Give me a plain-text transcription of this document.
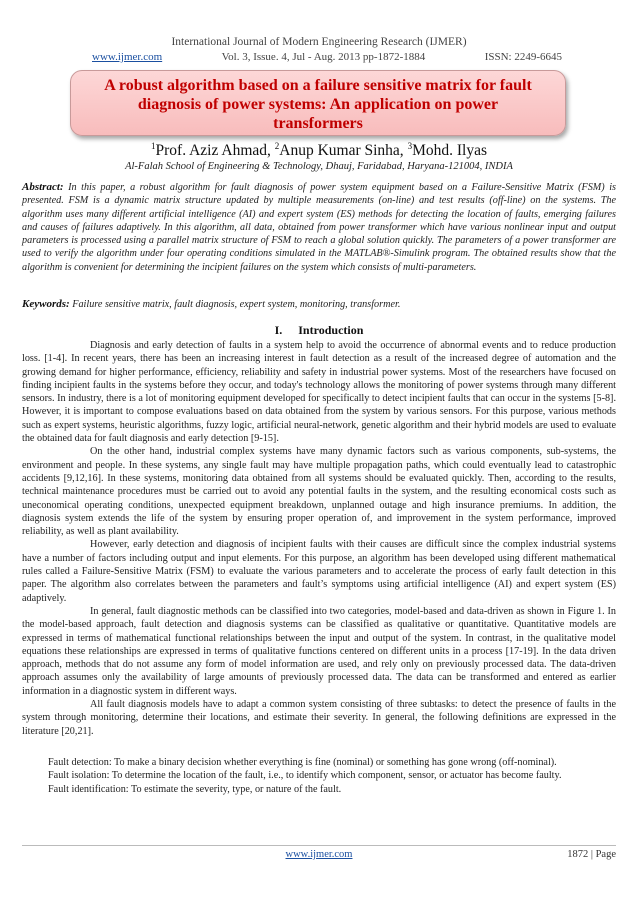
International Journal of Modern Engineering Research (IJMER)
www.ijmer.com	Vol. 3, Issue. 4, Jul - Aug. 2013 pp-1872-1884	ISSN: 2249-6645
A robust algorithm based on a failure sensitive matrix for fault
diagnosis of power systems: An application on power
transformers
$^1$Prof. Aziz Ahmad, $^2$Anup Kumar Sinha, $^3$Mohd. Ilyas
Al-Falah School of Engineering & Technology, Dhauj, Faridabad, Haryana-121004, INDIA
Abstract: In this paper, a robust algorithm for fault diagnosis of power system equipment based on a Failure-Sensitive Matrix (FSM) is presented. FSM is a dynamic matrix structure updated by multiple measurements (on-line) and test results (off-line) on the systems. The algorithm uses many different artificial intelligence (AI) and expert system (ES) methods for detecting the location of faults, emerging failures and causes of failures adaptively. In this algorithm, all data, obtained from power transformer which have various nonlinear input and output parameters is processed using a parallel matrix structure of FSM to reach a global solution quickly. The parameters of a power transformer are used to verify the algorithm under four operating conditions simulated in the MATLAB®-Simulink program. The obtained results show that the algorithm is convenient for determining the incipient failures on the system which consists of multi-parameters.
Keywords: Failure sensitive matrix, fault diagnosis, expert system, monitoring, transformer.
I. Introduction

Diagnosis and early detection of faults in a system help to avoid the occurrence of abnormal events and to reduce production loss. [1-4]. In recent years, there has been an increasing interest in fault detection as a result of the increased degree of automation and the growing demand for higher performance, efficiency, reliability and safety in industrial power systems. Most of the researchers have focused on finding incipient faults in the systems before they occur, and today's technology allows the monitoring of power systems through many different sensors. In industry, there is a lot of monitoring equipment developed for specifically to detect incipient faults that can occur in the systems [5-8]. However, it is important to compose evaluations based on data obtained from the system by various sensors. For this purpose, various methods such as expert systems, heuristic algorithms, fuzzy logic, artificial neural-network, genetic algorithm and their hybrid models are used to evaluate the obtained data for fault diagnosis and early detection [9-15].

On the other hand, industrial complex systems have many dynamic factors such as various components, sub-systems, the environment and people. In these systems, any single fault may have multiple propagation paths, which could eventually lead to catastrophic accidents [9,12,16]. In these systems, monitoring data obtained from all systems should be evaluated quickly. Then, according to the results, technical maintenance procedures must be carried out to avoid any potential faults in the system, and the resulting economical costs such as uneconomical operating conditions, unexpected equipment breakdown, unplanned outage and high insurance premiums. In addition, the diagnosis system extends the life of the system by ensuring proper operation of, and improvement in the system performance, improved reliability, as well as plant availability.

However, early detection and diagnosis of incipient faults with their causes are difficult since the complex industrial systems have a number of factors including output and input elements. For this purpose, an algorithm has been developed using different mathematical rules called a Failure-Sensitive Matrix (FSM) to evaluate the various parameters and to accelerate the process of early fault detection in this paper. The algorithm also correlates between the parameters and fault’s symptoms using artificial intelligence (AI) and expert system (ES) adaptively.

In general, fault diagnostic methods can be classified into two categories, model-based and data-driven as shown in Figure 1. In the model-based approach, fault detection and diagnosis systems can be classified as qualitative or quantitative. Quantitative models are expressed in terms of mathematical functional relationships between the input and output of the system. In contrast, in the qualitative model equations these relationships are expressed in terms of qualitative functions centered on different units in a process [17-19]. In the data driven approach, methods that do not assume any form of model information are used, and rely only on previously processed data. The data-driven approach assumes only the availability of large amounts of previously processed data. The data can be transformed and entered as earlier information in a diagnostic system in different ways.

All fault diagnosis models have to adapt a common system consisting of three subtasks: to detect the presence of faults in the system through monitoring, determine their locations, and estimate their severity. In general, the following definitions are expressed in the literature [20,21].

Fault detection: To make a binary decision whether everything is fine (nominal) or something has gone wrong (off-nominal).
Fault isolation: To determine the location of the fault, i.e., to identify which component, sensor, or actuator has become faulty.
Fault identification: To estimate the severity, type, or nature of the fault.
www.ijmer.com	1872 | Page
